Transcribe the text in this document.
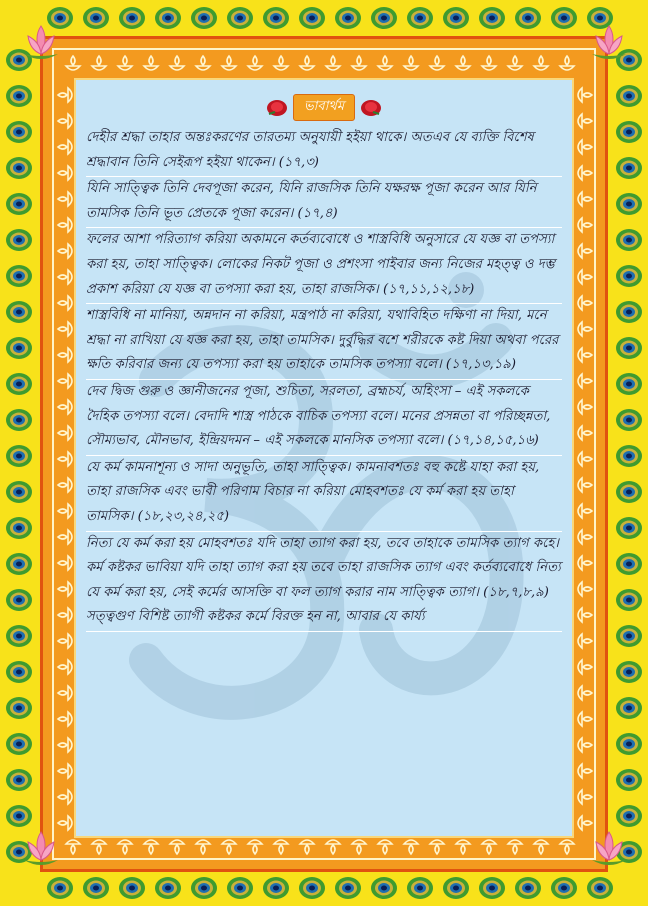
ভাবার্থম

দেহীর শ্রদ্ধা তাহার অন্তঃকরণের তারতম্য অনুযায়ী হইয়া থাকে। অতএব যে ব্যক্তি বিশেষ শ্রদ্ধাবান তিনি সেইরূপ হইয়া থাকেন। (১৭,৩)

যিনি সাত্ত্বিক তিনি দেবপূজা করেন, যিনি রাজসিক তিনি যক্ষরক্ষ পূজা করেন আর যিনি তামসিক তিনি ভূত প্রেতকে পূজা করেন। (১৭,৪)

ফলের আশা পরিত্যাগ করিয়া অকামনে কর্তব্যবোধে ও শাস্ত্রবিধি অনুসারে যে যজ্ঞ বা তপস্যা করা হয়, তাহা সাত্ত্বিক। লোকের নিকট পূজা ও প্রশংসা পাইবার জন্য নিজের মহত্ত্ব ও দম্ভ প্রকাশ করিয়া যে যজ্ঞ বা তপস্যা করা হয়, তাহা রাজসিক। (১৭,১১,১২,১৮)

শাস্ত্রবিধি না মানিয়া, অন্নদান না করিয়া, মন্ত্রপাঠ না করিয়া, যথাবিহিত দক্ষিণা না দিয়া, মনে শ্রদ্ধা না রাখিয়া যে যজ্ঞ করা হয়, তাহা তামসিক। দুর্বুদ্ধির বশে শরীরকে কষ্ট দিয়া অথবা পরের ক্ষতি করিবার জন্য যে তপস্যা করা হয় তাহাকে তামসিক তপস্যা বলে। (১৭,১৩,১৯)

দেব দ্বিজ গুরু ও জ্ঞানীজনের পূজা, শুচিতা, সরলতা, ব্রহ্মচর্য, অহিংসা – এই সকলকে দৈহিক তপস্যা বলে। বেদাদি শাস্ত্র পাঠকে বাচিক তপস্যা বলে। মনের প্রসন্নতা বা পরিচ্ছন্নতা, সৌম্যভাব, মৌনভাব, ইন্দ্রিয়দমন – এই সকলকে মানসিক তপস্যা বলে। (১৭,১৪,১৫,১৬)

যে কর্ম কামনাশূন্য ও সাদা অনুভূতি, তাহা সাত্ত্বিক। কামনাবশতঃ বহু কষ্টে যাহা করা হয়, তাহা রাজসিক এবং ভাবী পরিণাম বিচার না করিয়া মোহবশতঃ যে কর্ম করা হয় তাহা তামসিক। (১৮,২৩,২৪,২৫)

নিত্য যে কর্ম করা হয় মোহবশতঃ যদি তাহা ত্যাগ করা হয়, তবে তাহাকে তামসিক ত্যাগ কহে। কর্ম কষ্টকর ভাবিয়া যদি তাহা ত্যাগ করা হয় তবে তাহা রাজসিক ত্যাগ এবং কর্তব্যবোধে নিত্য যে কর্ম করা হয়, সেই কর্মের আসক্তি বা ফল ত্যাগ করার নাম সাত্ত্বিক ত্যাগ। (১৮,৭,৮,৯) সত্ত্বগুণ বিশিষ্ট ত্যাগী কষ্টকর কর্মে বিরক্ত হন না, আবার যে কার্য্য
